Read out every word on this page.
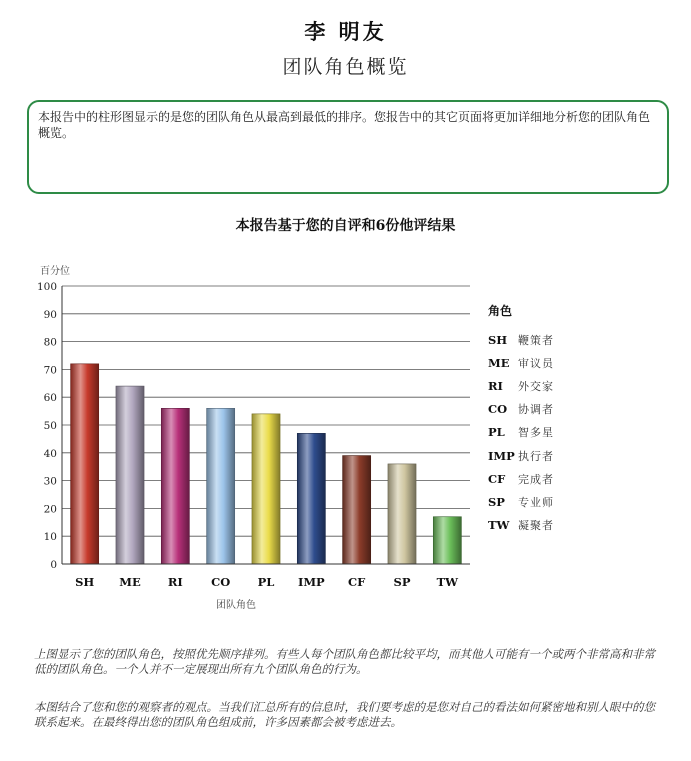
李 明友
团队角色概览
本报告中的柱形图显示的是您的团队角色从最高到最低的排序。您报告中的其它页面将更加详细地分析您的团队角色概览。
本报告基于您的自评和6份他评结果
百分位
0
10
20
30
40
50
60
70
80
90
100
SH ME RI CO PL IMP CF SP TW
团队角色
角色
SH 鞭策者
ME 审议员
RI	外交家
CO 协调者
PL	智多星
IMP 执行者
CF	完成者
SP	专业师
TW 凝聚者
上图显示了您的团队角色，按照优先顺序排列。有些人每个团队角色都比较平均，而其他人可能有一个或两个非常高和非常低的团队角色。一个人并不一定展现出所有九个团队角色的行为。
本图结合了您和您的观察者的观点。当我们汇总所有的信息时，我们要考虑的是您对自己的看法如何紧密地和别人眼中的您联系起来。在最终得出您的团队角色组成前，许多因素都会被考虑进去。
